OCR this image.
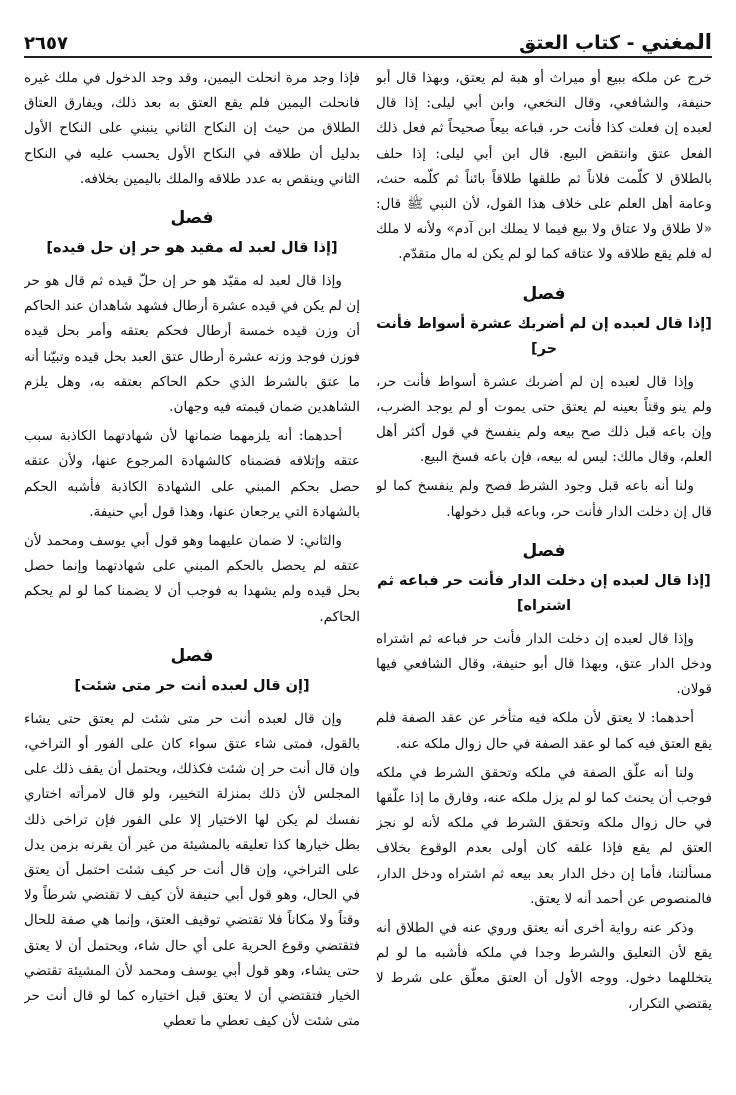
المغني - كتاب العتق
٢٦٥٧

خرج عن ملكه ببيع أو ميراث أو هبة لم يعتق، وبهذا قال أبو حنيفة، والشافعي، وقال النخعي، وابن أبي ليلى: إذا قال لعبده إن فعلت كذا فأنت حر، فباعه بيعاً صحيحاً ثم فعل ذلك الفعل عتق وانتقض البيع. قال ابن أبي ليلى: إذا حلف بالطلاق لا كلّمت فلاناً ثم طلقها طلاقاً بائناً ثم كلّمه حنث، وعامة أهل العلم على خلاف هذا القول، لأن النبي ﷺ قال: «لا طلاق ولا عتاق ولا بيع فيما لا يملك ابن آدم» ولأنه لا ملك له فلم يقع طلاقه ولا عتاقه كما لو لم يكن له مال متقدّم.

فصل
[إذا قال لعبده إن لم أضربك عشرة أسواط فأنت حر]

وإذا قال لعبده إن لم أضربك عشرة أسواط فأنت حر، ولم ينو وقتاً بعينه لم يعتق حتى يموت أو لم يوجد الضرب، وإن باعه قبل ذلك صح بيعه ولم ينفسخ في قول أكثر أهل العلم، وقال مالك: ليس له بيعه، فإن باعه فسخ البيع.

ولنا أنه باعه قبل وجود الشرط فصح ولم ينفسخ كما لو قال إن دخلت الدار فأنت حر، وباعه قبل دخولها.

فصل
[إذا قال لعبده إن دخلت الدار فأنت حر فباعه ثم اشتراه]

وإذا قال لعبده إن دخلت الدار فأنت حر فباعه ثم اشتراه ودخل الدار عتق، وبهذا قال أبو حنيفة، وقال الشافعي فيها قولان.

أحدهما: لا يعتق لأن ملكه فيه متأخر عن عقد الصفة فلم يقع العتق فيه كما لو عقد الصفة في حال زوال ملكه عنه.

ولنا أنه علّق الصفة في ملكه وتحقق الشرط في ملكه فوجب أن يحنث كما لو لم يزل ملكه عنه، وفارق ما إذا علّقها في حال زوال ملكه وتحقق الشرط في ملكه لأنه لو نجز العتق لم يقع فإذا علقه كان أولى بعدم الوقوع بخلاف مسألتنا، فأما إن دخل الدار بعد بيعه ثم اشتراه ودخل الدار، فالمنصوص عن أحمد أنه لا يعتق.

وذكر عنه رواية أخرى أنه يعتق وروي عنه في الطلاق أنه يقع لأن التعليق والشرط وجدا في ملكه فأشبه ما لو لم يتخللهما دخول. ووجه الأول أن العتق معلّق على شرط لا يقتضي التكرار،

فإذا وجد مرة انحلت اليمين، وقد وجد الدخول في ملك غيره فانحلت اليمين فلم يقع العتق به بعد ذلك، ويفارق العتاق الطلاق من حيث إن النكاح الثاني ينبني على النكاح الأول بدليل أن طلاقه في النكاح الأول يحسب عليه في النكاح الثاني وينقص به عدد طلاقه والملك باليمين بخلافه.

فصل
[إذا قال لعبد له مقيد هو حر إن حل قيده]

وإذا قال لعبد له مقيّد هو حر إن حلّ قيده ثم قال هو حر إن لم يكن في قيده عشرة أرطال فشهد شاهدان عند الحاكم أن وزن قيده خمسة أرطال فحكم بعتقه وأمر بحل قيده فوزن فوجد وزنه عشرة أرطال عتق العبد بحل قيده وتبيّنا أنه ما عتق بالشرط الذي حكم الحاكم بعتقه به، وهل يلزم الشاهدين ضمان قيمته فيه وجهان.

أحدهما: أنه يلزمهما ضمانها لأن شهادتهما الكاذبة سبب عتقه وإتلافه فضمناه كالشهادة المرجوع عنها، ولأن عتقه حصل بحكم المبني على الشهادة الكاذبة فأشبه الحكم بالشهادة التي يرجعان عنها، وهذا قول أبي حنيفة.

والثاني: لا ضمان عليهما وهو قول أبي يوسف ومحمد لأن عتقه لم يحصل بالحكم المبني على شهادتهما وإنما حصل بحل قيده ولم يشهدا به فوجب أن لا يضمنا كما لو لم يحكم الحاكم.

فصل
[إن قال لعبده أنت حر متى شئت]

وإن قال لعبده أنت حر متى شئت لم يعتق حتى يشاء بالقول، فمتى شاء عتق سواء كان على الفور أو التراخي، وإن قال أنت حر إن شئت فكذلك، ويحتمل أن يقف ذلك على المجلس لأن ذلك بمنزلة التخيير، ولو قال لامرأته اختاري نفسك لم يكن لها الاختيار إلا على الفور فإن تراخى ذلك بطل خيارها كذا تعليقه بالمشيئة من غير أن يقرنه بزمن يدل على التراخي، وإن قال أنت حر كيف شئت احتمل أن يعتق في الحال، وهو قول أبي حنيفة لأن كيف لا تقتضي شرطاً ولا وقتاً ولا مكاناً فلا تقتضي توقيف العتق، وإنما هي صفة للحال فتقتضي وقوع الحرية على أي حال شاء، ويحتمل أن لا يعتق حتى يشاء، وهو قول أبي يوسف ومحمد لأن المشيئة تقتضي الخيار فتقتضي أن لا يعتق قبل اختياره كما لو قال أنت حر متى شئت لأن كيف تعطي ما تعطي
